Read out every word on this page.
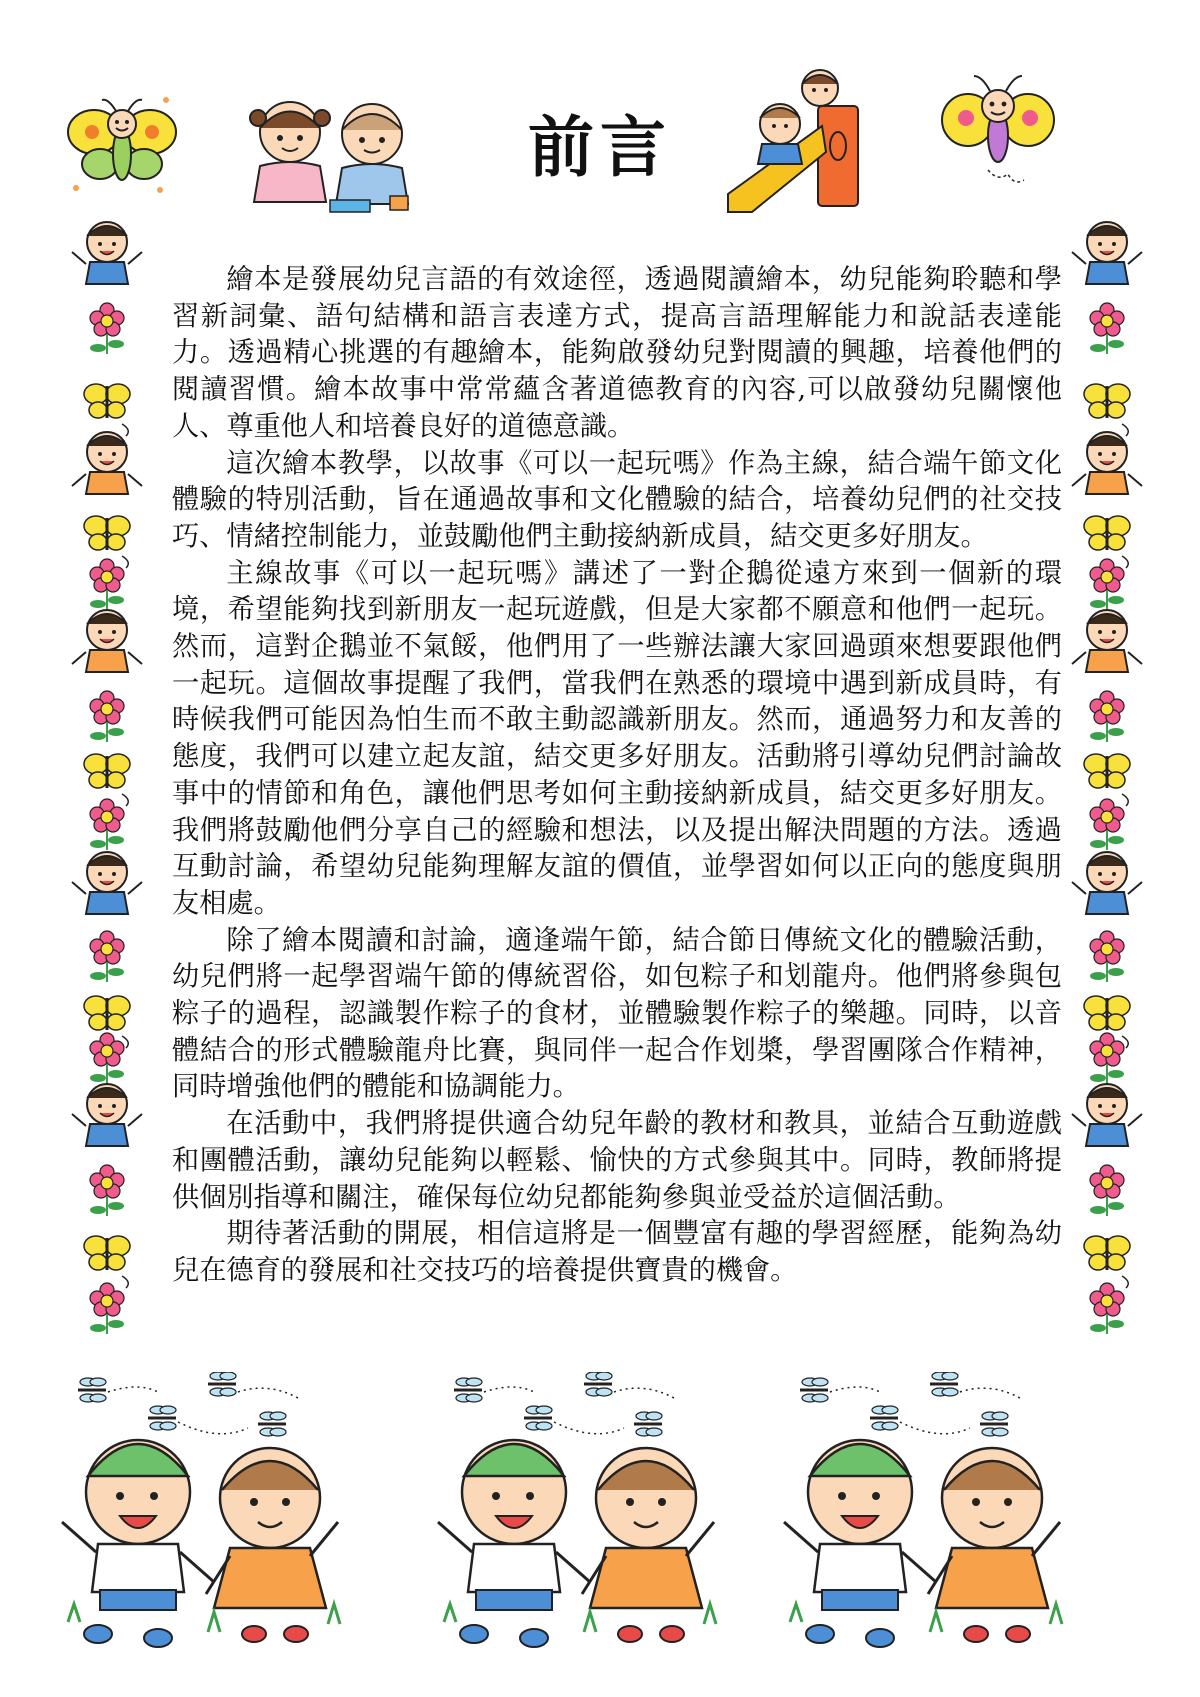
前言

繪本是發展幼兒言語的有效途徑，透過閱讀繪本，幼兒能夠聆聽和學習新詞彙、語句結構和語言表達方式，提高言語理解能力和說話表達能力。透過精心挑選的有趣繪本，能夠啟發幼兒對閱讀的興趣，培養他們的閱讀習慣。繪本故事中常常蘊含著道德教育的內容,可以啟發幼兒關懷他人、尊重他人和培養良好的道德意識。

這次繪本教學，以故事《可以一起玩嗎》作為主線，結合端午節文化體驗的特別活動，旨在通過故事和文化體驗的結合，培養幼兒們的社交技巧、情緒控制能力，並鼓勵他們主動接納新成員，結交更多好朋友。

主線故事《可以一起玩嗎》講述了一對企鵝從遠方來到一個新的環境，希望能夠找到新朋友一起玩遊戲，但是大家都不願意和他們一起玩。然而，這對企鵝並不氣餒，他們用了一些辦法讓大家回過頭來想要跟他們一起玩。這個故事提醒了我們，當我們在熟悉的環境中遇到新成員時，有時候我們可能因為怕生而不敢主動認識新朋友。然而，通過努力和友善的態度，我們可以建立起友誼，結交更多好朋友。活動將引導幼兒們討論故事中的情節和角色，讓他們思考如何主動接納新成員，結交更多好朋友。我們將鼓勵他們分享自己的經驗和想法，以及提出解決問題的方法。透過互動討論，希望幼兒能夠理解友誼的價值，並學習如何以正向的態度與朋友相處。

除了繪本閱讀和討論，適逢端午節，結合節日傳統文化的體驗活動，幼兒們將一起學習端午節的傳統習俗，如包粽子和划龍舟。他們將參與包粽子的過程，認識製作粽子的食材，並體驗製作粽子的樂趣。同時，以音體結合的形式體驗龍舟比賽，與同伴一起合作划槳，學習團隊合作精神，同時增強他們的體能和協調能力。

在活動中，我們將提供適合幼兒年齡的教材和教具，並結合互動遊戲和團體活動，讓幼兒能夠以輕鬆、愉快的方式參與其中。同時，教師將提供個別指導和關注，確保每位幼兒都能夠參與並受益於這個活動。

期待著活動的開展，相信這將是一個豐富有趣的學習經歷，能夠為幼兒在德育的發展和社交技巧的培養提供寶貴的機會。
